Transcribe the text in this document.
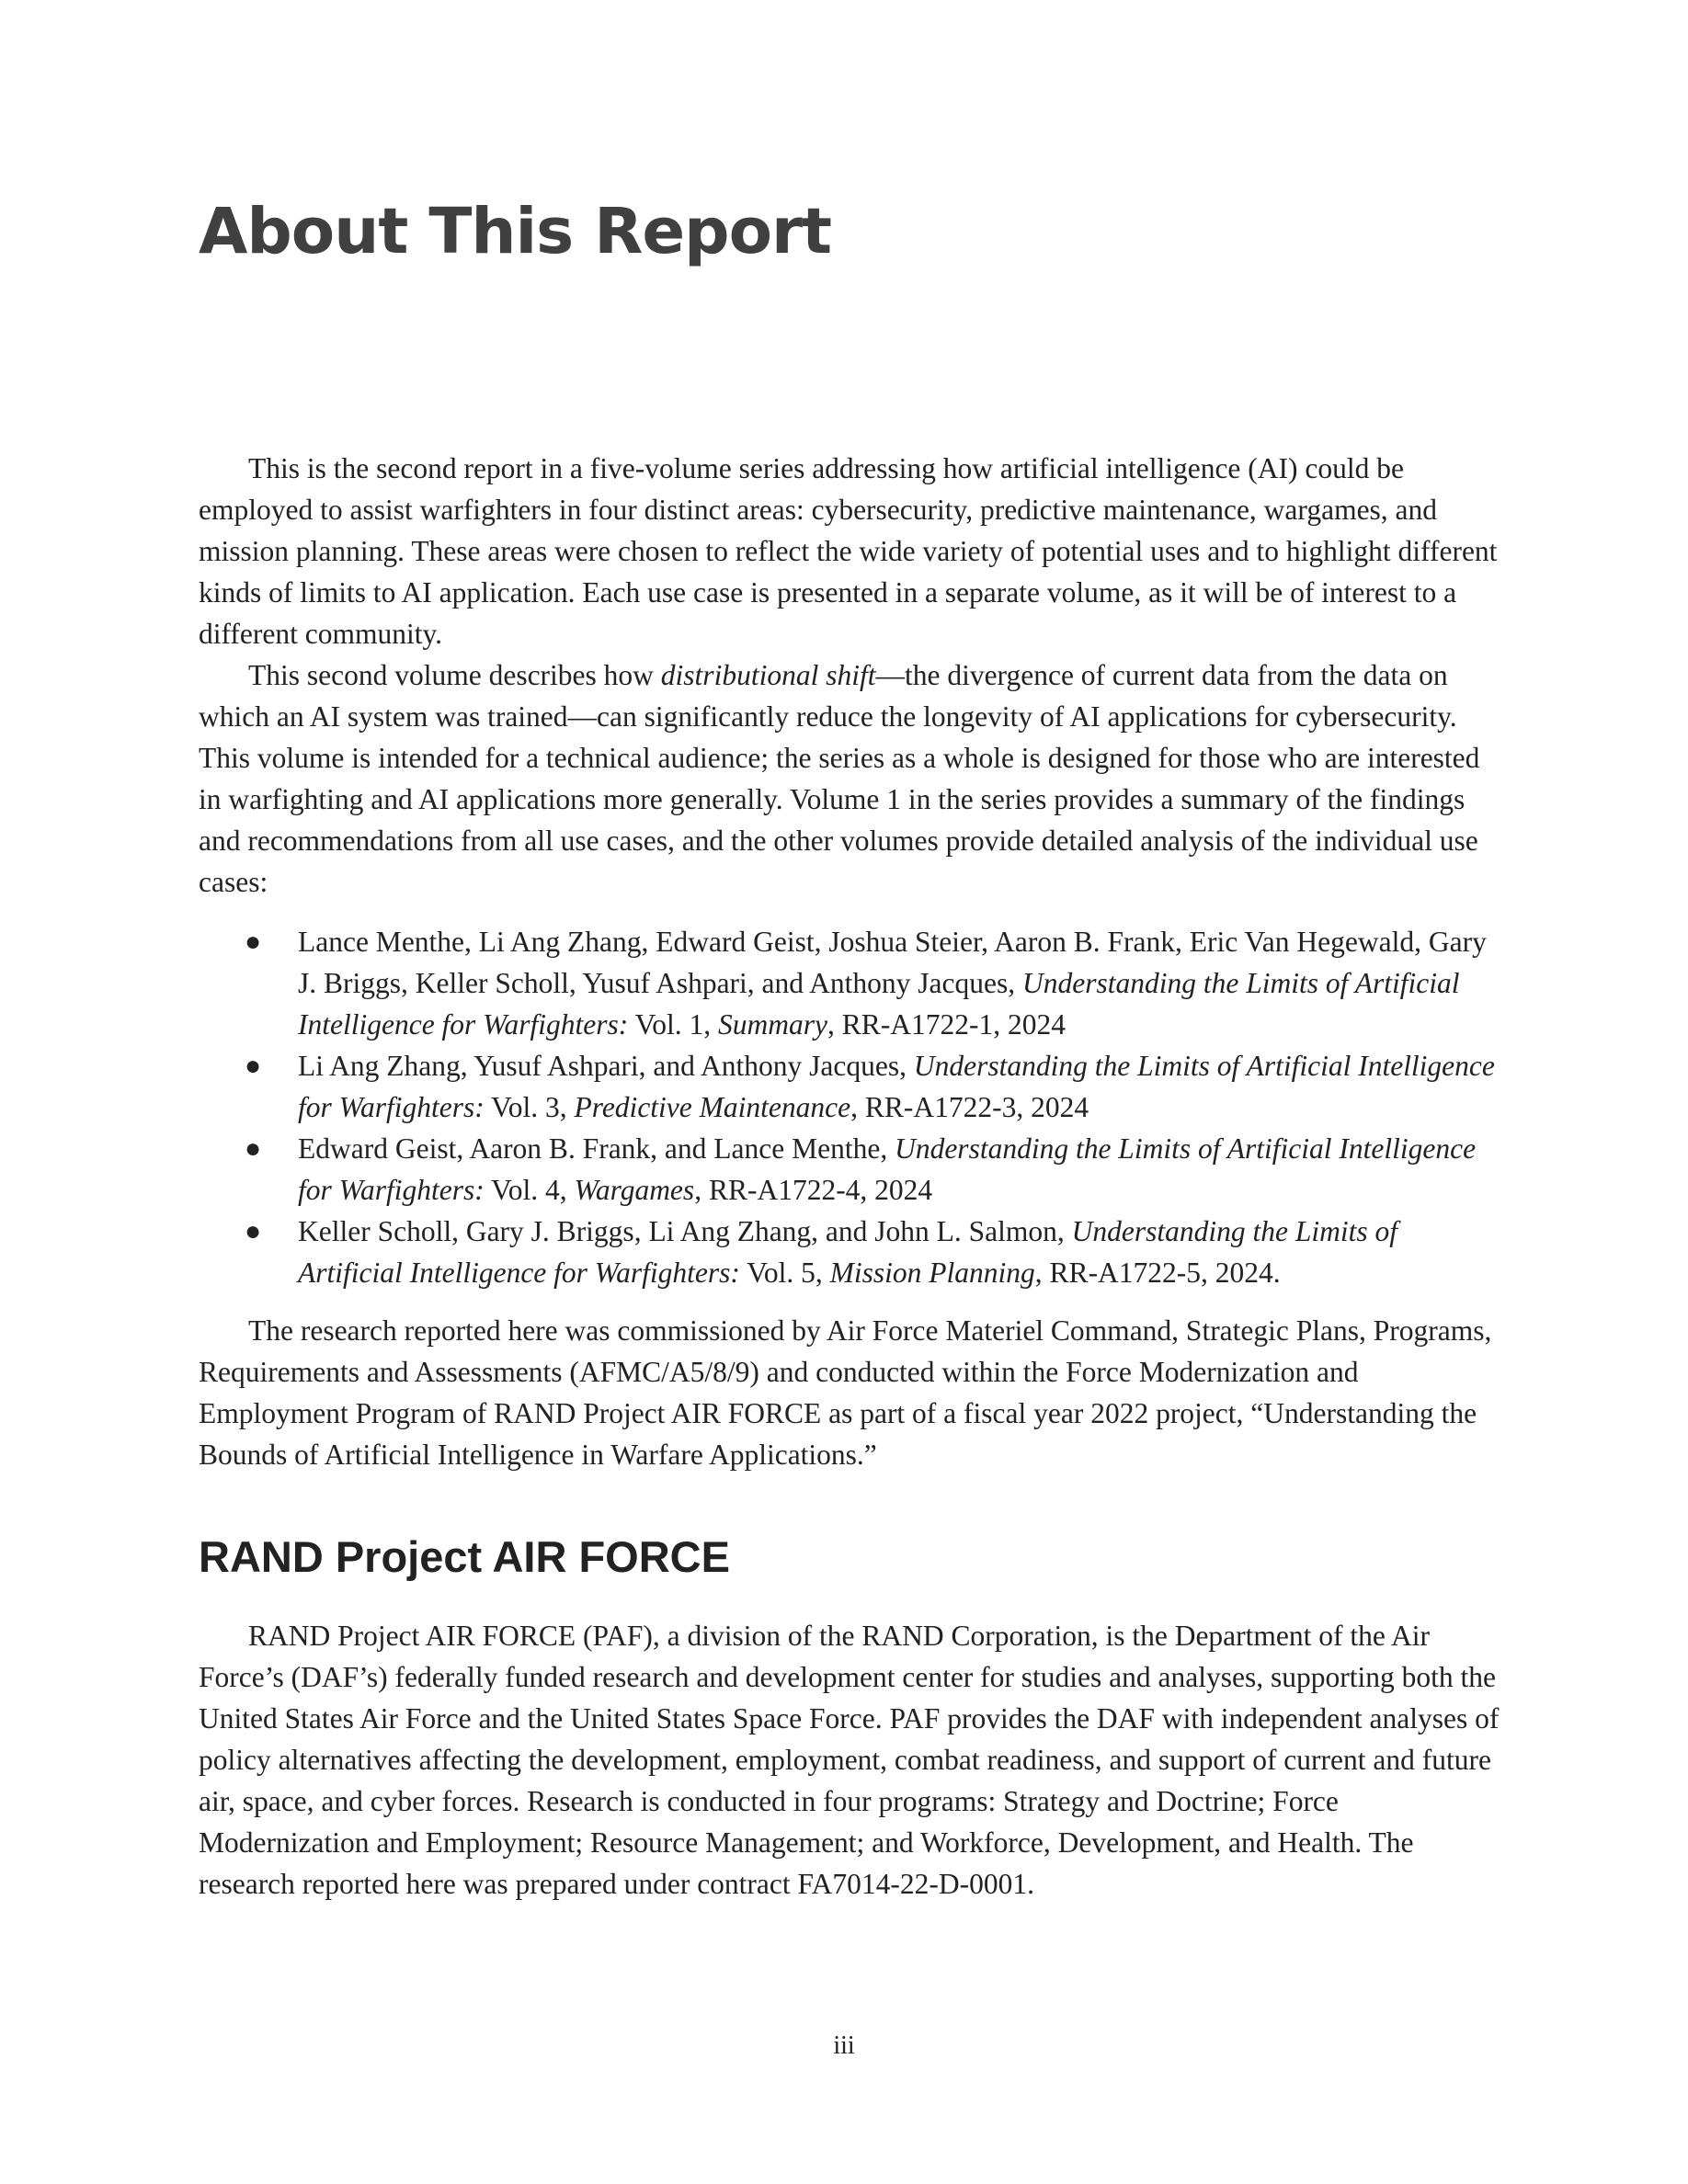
About This Report

This is the second report in a five-volume series addressing how artificial intelligence (AI) could be employed to assist warfighters in four distinct areas: cybersecurity, predictive maintenance, wargames, and mission planning. These areas were chosen to reflect the wide variety of potential uses and to highlight different kinds of limits to AI application. Each use case is presented in a separate volume, as it will be of interest to a different community.

This second volume describes how distributional shift—the divergence of current data from the data on which an AI system was trained—can significantly reduce the longevity of AI applications for cybersecurity. This volume is intended for a technical audience; the series as a whole is designed for those who are interested in warfighting and AI applications more generally. Volume 1 in the series provides a summary of the findings and recommendations from all use cases, and the other volumes provide detailed analysis of the individual use cases:

● Lance Menthe, Li Ang Zhang, Edward Geist, Joshua Steier, Aaron B. Frank, Eric Van Hegewald, Gary J. Briggs, Keller Scholl, Yusuf Ashpari, and Anthony Jacques, Understanding the Limits of Artificial Intelligence for Warfighters: Vol. 1, Summary, RR-A1722-1, 2024
● Li Ang Zhang, Yusuf Ashpari, and Anthony Jacques, Understanding the Limits of Artificial Intelligence for Warfighters: Vol. 3, Predictive Maintenance, RR-A1722-3, 2024
● Edward Geist, Aaron B. Frank, and Lance Menthe, Understanding the Limits of Artificial Intelligence for Warfighters: Vol. 4, Wargames, RR-A1722-4, 2024
● Keller Scholl, Gary J. Briggs, Li Ang Zhang, and John L. Salmon, Understanding the Limits of Artificial Intelligence for Warfighters: Vol. 5, Mission Planning, RR-A1722-5, 2024.

The research reported here was commissioned by Air Force Materiel Command, Strategic Plans, Programs, Requirements and Assessments (AFMC/A5/8/9) and conducted within the Force Modernization and Employment Program of RAND Project AIR FORCE as part of a fiscal year 2022 project, “Understanding the Bounds of Artificial Intelligence in Warfare Applications.”

RAND Project AIR FORCE

RAND Project AIR FORCE (PAF), a division of the RAND Corporation, is the Department of the Air Force’s (DAF’s) federally funded research and development center for studies and analyses, supporting both the United States Air Force and the United States Space Force. PAF provides the DAF with independent analyses of policy alternatives affecting the development, employment, combat readiness, and support of current and future air, space, and cyber forces. Research is conducted in four programs: Strategy and Doctrine; Force Modernization and Employment; Resource Management; and Workforce, Development, and Health. The research reported here was prepared under contract FA7014-22-D-0001.

iii
